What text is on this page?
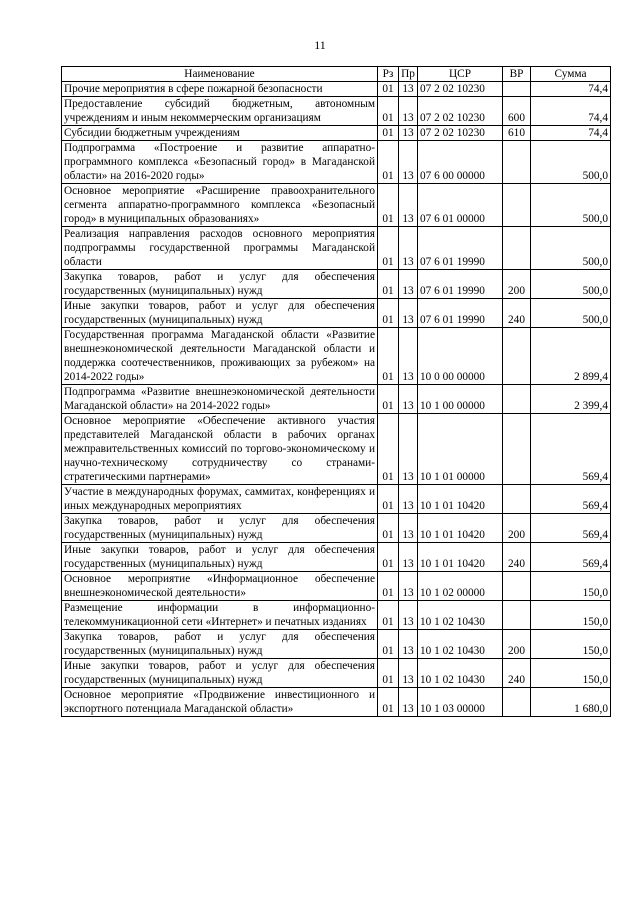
11
Наименование	Рз	Пр	ЦСР	ВР	Сумма
Прочие мероприятия в сфере пожарной безопасности	01	13	07 2 02 10230		74,4
Предоставление субсидий бюджетным, автономным учреждениям и иным некоммерческим организациям	01	13	07 2 02 10230	600	74,4
Субсидии бюджетным учреждениям	01	13	07 2 02 10230	610	74,4
Подпрограмма «Построение и развитие аппаратно-программного комплекса «Безопасный город» в Магаданской области» на 2016-2020 годы»	01	13	07 6 00 00000		500,0
Основное мероприятие «Расширение правоохранительного сегмента аппаратно-программного комплекса «Безопасный город» в муниципальных образованиях»	01	13	07 6 01 00000		500,0
Реализация направления расходов основного мероприятия подпрограммы государственной программы Магаданской области	01	13	07 6 01 19990		500,0
Закупка товаров, работ и услуг для обеспечения государственных (муниципальных) нужд	01	13	07 6 01 19990	200	500,0
Иные закупки товаров, работ и услуг для обеспечения государственных (муниципальных) нужд	01	13	07 6 01 19990	240	500,0
Государственная программа Магаданской области «Развитие внешнеэкономической деятельности Магаданской области и поддержка соотечественников, проживающих за рубежом» на 2014-2022 годы»	01	13	10 0 00 00000		2 899,4
Подпрограмма «Развитие внешнеэкономической деятельности Магаданской области» на 2014-2022 годы»	01	13	10 1 00 00000		2 399,4
Основное мероприятие «Обеспечение активного участия представителей Магаданской области в рабочих органах межправительственных комиссий по торгово-экономическому и научно-техническому сотрудничеству со странами-стратегическими партнерами»	01	13	10 1 01 00000		569,4
Участие в международных форумах, саммитах, конференциях и иных международных мероприятиях	01	13	10 1 01 10420		569,4
Закупка товаров, работ и услуг для обеспечения государственных (муниципальных) нужд	01	13	10 1 01 10420	200	569,4
Иные закупки товаров, работ и услуг для обеспечения государственных (муниципальных) нужд	01	13	10 1 01 10420	240	569,4
Основное мероприятие «Информационное обеспечение внешнеэкономической деятельности»	01	13	10 1 02 00000		150,0
Размещение информации в информационно-телекоммуникационной сети «Интернет» и печатных изданиях	01	13	10 1 02 10430		150,0
Закупка товаров, работ и услуг для обеспечения государственных (муниципальных) нужд	01	13	10 1 02 10430	200	150,0
Иные закупки товаров, работ и услуг для обеспечения государственных (муниципальных) нужд	01	13	10 1 02 10430	240	150,0
Основное мероприятие «Продвижение инвестиционного и экспортного потенциала Магаданской области»	01	13	10 1 03 00000		1 680,0
